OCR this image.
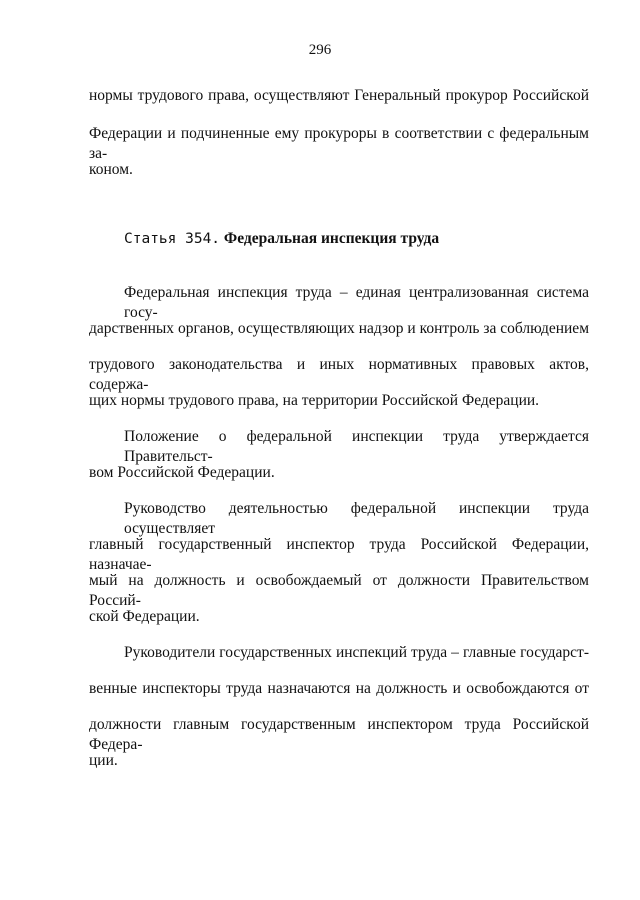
296
нормы трудового права, осуществляют Генеральный прокурор Российской
Федерации и подчиненные ему прокуроры в соответствии с федеральным за-
коном.
Статья 354. Федеральная инспекция труда
Федеральная инспекция труда – единая централизованная система госу-
дарственных органов, осуществляющих надзор и контроль за соблюдением
трудового законодательства и иных нормативных правовых актов, содержа-
щих нормы трудового права, на территории Российской Федерации.
Положение о федеральной инспекции труда утверждается Правительст-
вом Российской Федерации.
Руководство деятельностью федеральной инспекции труда осуществляет
главный государственный инспектор труда Российской Федерации, назначае-
мый на должность и освобождаемый от должности Правительством Россий-
ской Федерации.
Руководители государственных инспекций труда – главные государст-
венные инспекторы труда назначаются на должность и освобождаются от
должности главным государственным инспектором труда Российской Федера-
ции.
